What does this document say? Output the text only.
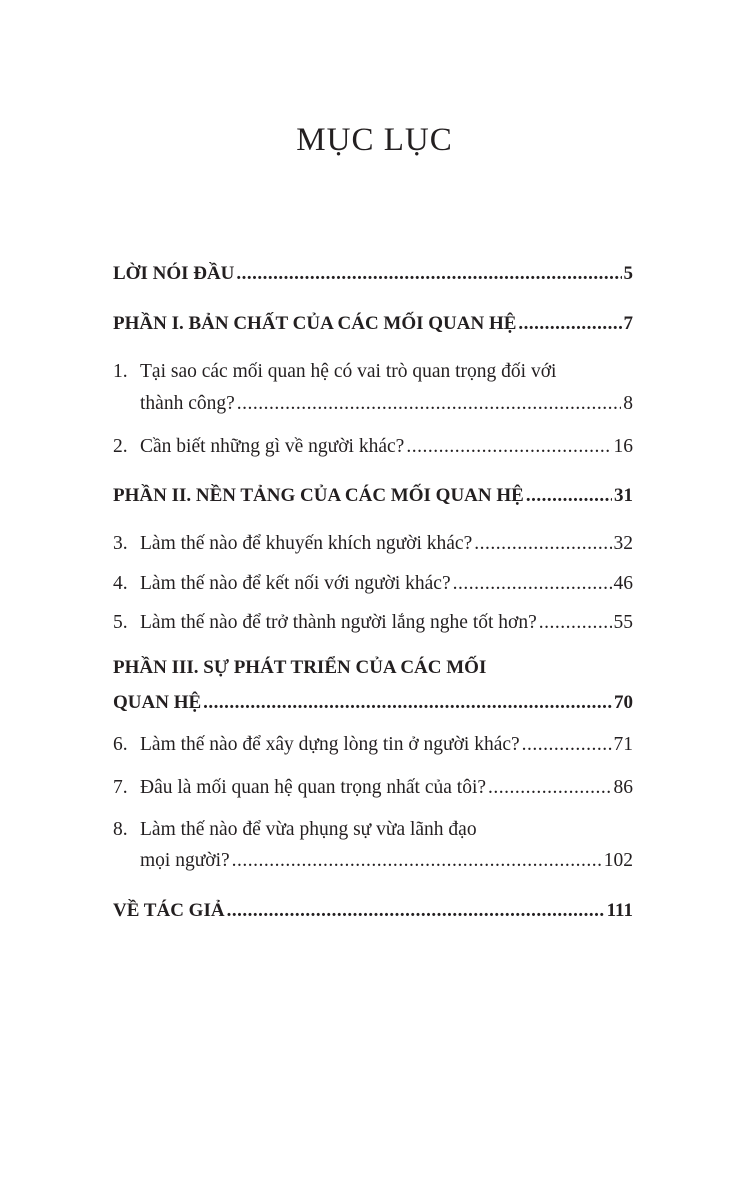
MỤC LỤC
LỜI NÓI ĐẦU .....	5
PHẦN I. BẢN CHẤT CỦA CÁC MỐI QUAN HỆ .....	7
1. Tại sao các mối quan hệ có vai trò quan trọng đối với
thành công? .....	8
2. Cần biết những gì về người khác? .....	16
PHẦN II. NỀN TẢNG CỦA CÁC MỐI QUAN HỆ .....	31
3. Làm thế nào để khuyến khích người khác? .....	32
4. Làm thế nào để kết nối với người khác? .....	46
5. Làm thế nào để trở thành người lắng nghe tốt hơn? .....	55
PHẦN III. SỰ PHÁT TRIỂN CỦA CÁC MỐI
QUAN HỆ .....	70
6. Làm thế nào để xây dựng lòng tin ở người khác? .....	71
7. Đâu là mối quan hệ quan trọng nhất của tôi? .....	86
8. Làm thế nào để vừa phụng sự vừa lãnh đạo
mọi người? .....	102
VỀ TÁC GIẢ .....	111
